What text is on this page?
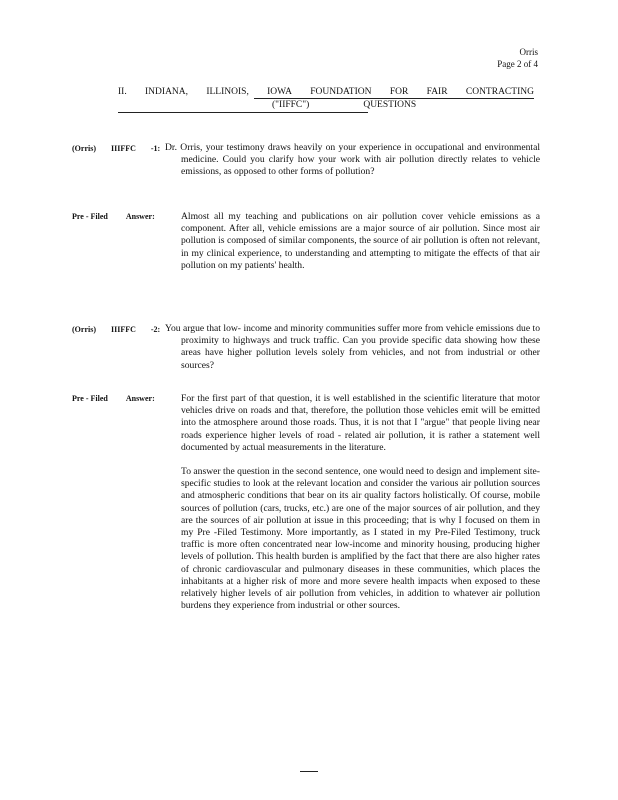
Orris
Page 2 of 4
II. INDIANA, ILLINOIS, IOWA FOUNDATION FOR FAIR CONTRACTING
("IIFFC")	QUESTIONS
(Orris) IIIFFC -1: Dr. Orris, your testimony draws heavily on your experience in occupational and environmental medicine. Could you clarify how your work with air pollution directly relates to vehicle emissions, as opposed to other forms of pollution?
Pre - Filed Answer:	Almost all my teaching and publications on air pollution cover vehicle emissions as a component. After all, vehicle emissions are a major source of air pollution. Since most air pollution is composed of similar components, the source of air pollution is often not relevant, in my clinical experience, to understanding and attempting to mitigate the effects of that air pollution on my patients' health.

(Orris) IIIFFC -2: You argue that low- income and minority communities suffer more from vehicle emissions due to proximity to highways and truck traffic. Can you provide specific data showing how these areas have higher pollution levels solely from vehicles, and not from industrial or other sources?
Pre - Filed Answer:	For the first part of that question, it is well established in the scientific literature that motor vehicles drive on roads and that, therefore, the pollution those vehicles emit will be emitted into the atmosphere around those roads. Thus, it is not that I "argue" that people living near roads experience higher levels of road - related air pollution, it is rather a statement well documented by actual measurements in the literature.

To answer the question in the second sentence, one would need to design and implement site-specific studies to look at the relevant location and consider the various air pollution sources and atmospheric conditions that bear on its air quality factors holistically. Of course, mobile sources of pollution (cars, trucks, etc.) are one of the major sources of air pollution, and they are the sources of air pollution at issue in this proceeding; that is why I focused on them in my Pre -Filed Testimony. More importantly, as I stated in my Pre-Filed Testimony, truck traffic is more often concentrated near low-income and minority housing, producing higher levels of pollution. This health burden is amplified by the fact that there are also higher rates of chronic cardiovascular and pulmonary diseases in these communities, which places the inhabitants at a higher risk of more and more severe health impacts when exposed to these relatively higher levels of air pollution from vehicles, in addition to whatever air pollution burdens they experience from industrial or other sources.
